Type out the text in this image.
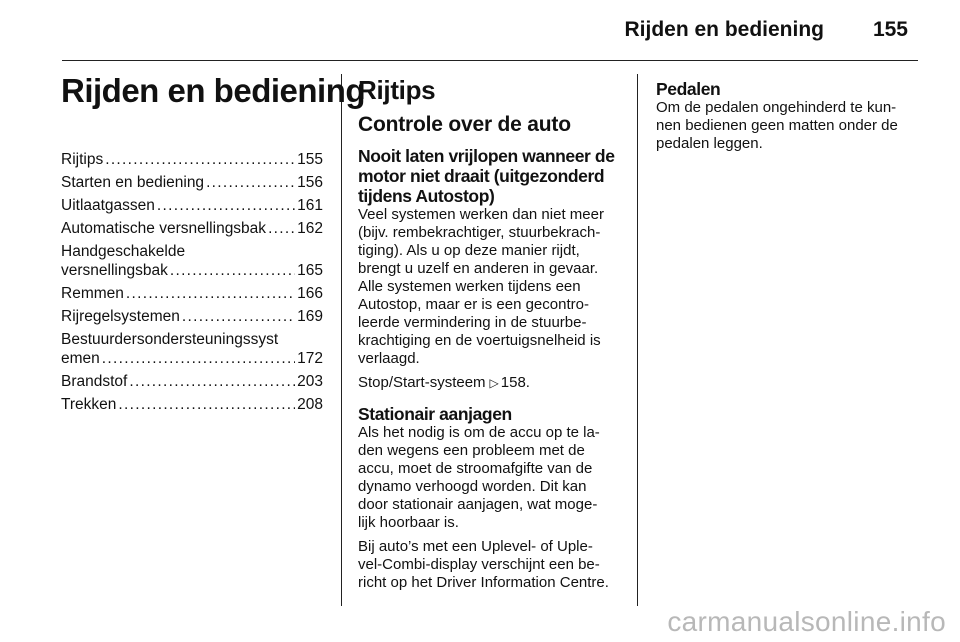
Rijden en bediening 155
Rijden en bediening
Rijtips . . .	155
Starten en bediening . . .	156
Uitlaatgassen . . .	161
Automatische versnellingsbak . . . 162
Handgeschakelde
versnellingsbak . . .	165
Remmen . . .	166
Rijregelsystemen . . .	169
Bestuurdersondersteuningssyst
emen . . .	172
Brandstof . . .	203
Trekken . . .	208
Rijtips
Controle over de auto
Nooit laten vrijlopen wanneer de
motor niet draait (uitgezonderd
tijdens Autostop)

Veel systemen werken dan niet meer
(bijv. rembekrachtiger, stuurbekrach-
tiging). Als u op deze manier rijdt,
brengt u uzelf en anderen in gevaar.
Alle systemen werken tijdens een
Autostop, maar er is een gecontro-
leerde vermindering in de stuurbe-
krachtiging en de voertuigsnelheid is
verlaagd.

Stop/Start-systeem ▷ 158.

Stationair aanjagen

Als het nodig is om de accu op te la-
den wegens een probleem met de
accu, moet de stroomafgifte van de
dynamo verhoogd worden. Dit kan
door stationair aanjagen, wat moge-
lijk hoorbaar is.

Bij auto’s met een Uplevel- of Uple-
vel-Combi-display verschijnt een be-
richt op het Driver Information Centre.

Pedalen

Om de pedalen ongehinderd te kun-
nen bedienen geen matten onder de
pedalen leggen.

carmanualsonline.info
